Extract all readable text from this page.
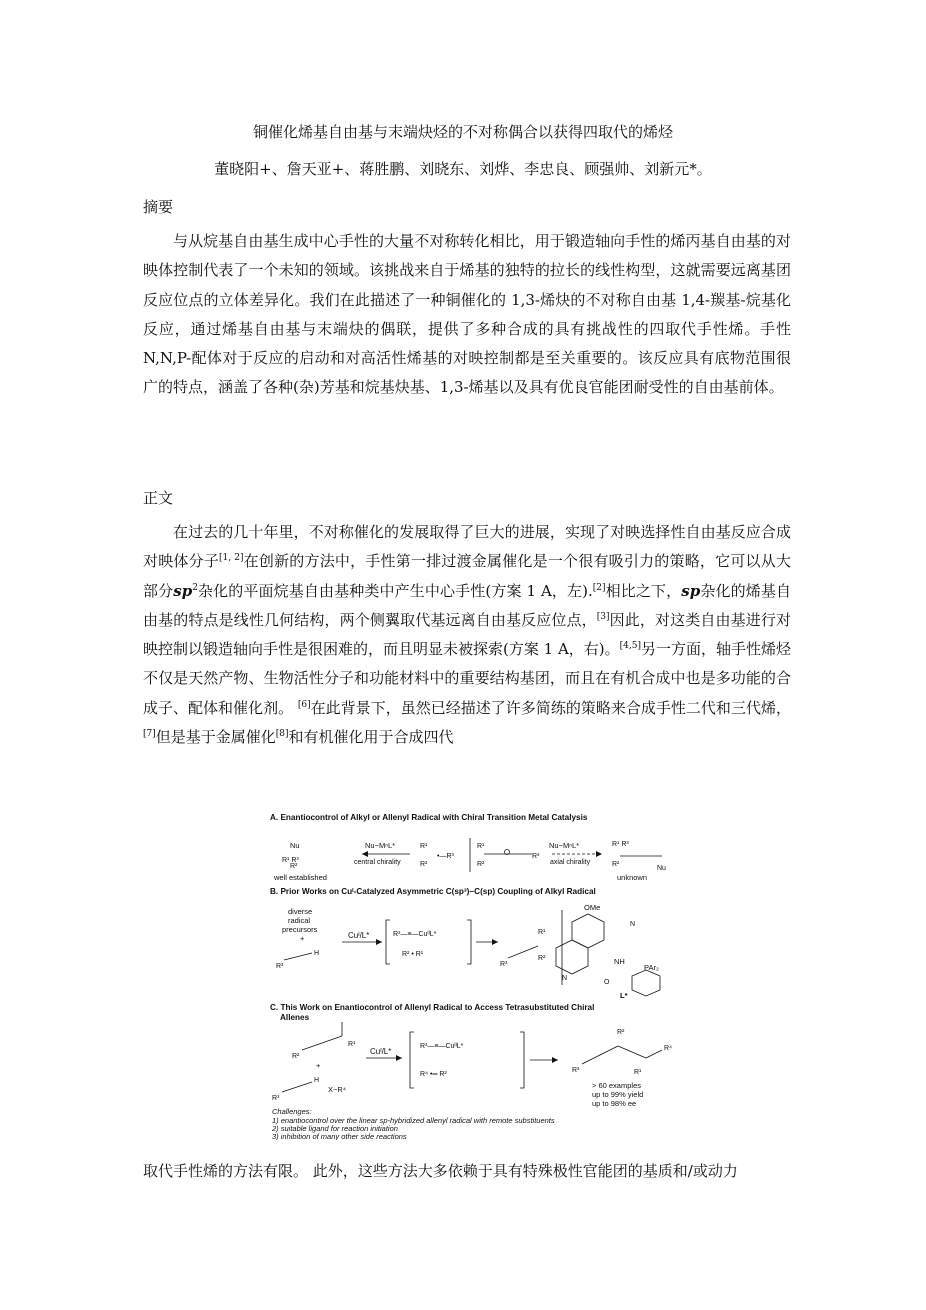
铜催化烯基自由基与末端炔烃的不对称偶合以获得四取代的烯烃
董晓阳+、詹天亚+、蒋胜鹏、刘晓东、刘烨、李忠良、顾强帅、刘新元*。
摘要
与从烷基自由基生成中心手性的大量不对称转化相比，用于锻造轴向手性的烯丙基自由基的对映体控制代表了一个未知的领域。该挑战来自于烯基的独特的拉长的线性构型，这就需要远离基团反应位点的立体差异化。我们在此描述了一种铜催化的 1,3-烯炔的不对称自由基 1,4-羰基-烷基化反应，通过烯基自由基与末端炔的偶联，提供了多种合成的具有挑战性的四取代手性烯。手性 N,N,P-配体对于反应的启动和对高活性烯基的对映控制都是至关重要的。该反应具有底物范围很广的特点，涵盖了各种(杂)芳基和烷基炔基、1,3-烯基以及具有优良官能团耐受性的自由基前体。
正文
在过去的几十年里，不对称催化的发展取得了巨大的进展，实现了对映选择性自由基反应合成对映体分子[1, 2]在创新的方法中，手性第一排过渡金属催化是一个很有吸引力的策略，它可以从大部分$sp^2$杂化的平面烷基自由基种类中产生中心手性(方案 1 A，左).[2]相比之下，sp杂化的烯基自由基的特点是线性几何结构，两个侧翼取代基远离自由基反应位点，[3]因此，对这类自由基进行对映控制以锻造轴向手性是很困难的，而且明显未被探索(方案 1 A，右)。[4,5]另一方面，轴手性烯烃不仅是天然产物、生物活性分子和功能材料中的重要结构基团，而且在有机合成中也是多功能的合成子、配体和催化剂。 [6]在此背景下，虽然已经描述了许多简练的策略来合成手性二代和三代烯，[7]但是基于金属催化[8]和有机催化用于合成四代
A. Enantiocontrol of Alkyl or Allenyl Radical with Chiral Transition Metal Catalysis
Nu
R¹ R³
R²
Nu−MⁿL*
central chirality
R¹
•—R³
R²
R¹
R³
R²
Nu−MⁿL*
axial chirality
R¹ R³
R²
Nu
well established	unknown
B. Prior Works on Cuᴵ-Catalyzed Asymmetric C(sp³)−C(sp) Coupling of Alkyl Radical
diverse
radical
precursors
+
R³
H
Cuᴵ/L*	R³—≡—CuᴵᴵL*
R² • R¹
R¹
R³
R²
OMe
N
N
NH
PAr₂
O
L*
C. This Work on Enantiocontrol of Allenyl Radical to Access Tetrasubstituted Chiral
Allenes
R²
R¹
+
R³
H
X−R⁴
Cuᴵ/L*
R³—≡—CuᴵᴵL*
R⁴ •═ R²
R²
R⁴
R³	R¹
> 60 examples
up to 99% yield
up to 98% ee
Challenges:
1) enantiocontrol over the linear sp-hybridized allenyl radical with remote substituents
2) suitable ligand for reaction initiation
3) inhibition of many other side reactions
取代手性烯的方法有限。 此外，这些方法大多依赖于具有特殊极性官能团的基质和/或动力
